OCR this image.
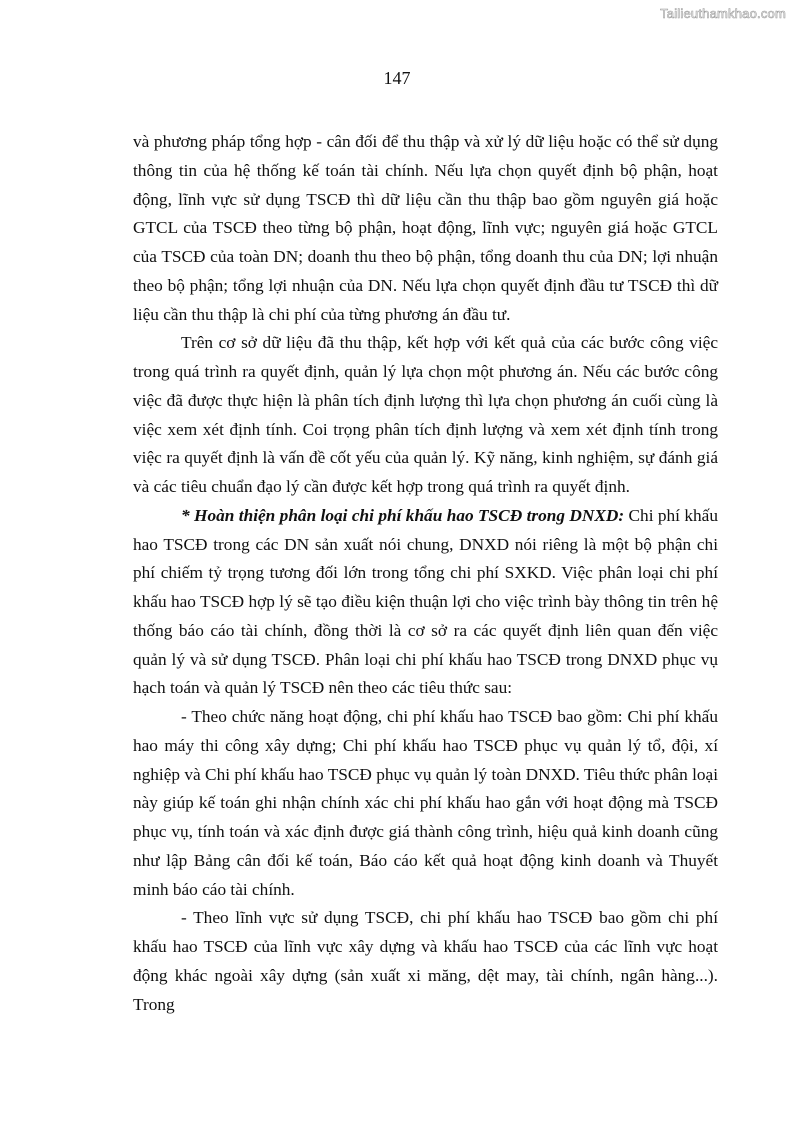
Tailieuthamkhao.com
147

và phương pháp tổng hợp - cân đối để thu thập và xử lý dữ liệu hoặc có thể sử dụng thông tin của hệ thống kế toán tài chính. Nếu lựa chọn quyết định bộ phận, hoạt động, lĩnh vực sử dụng TSCĐ thì dữ liệu cần thu thập bao gồm nguyên giá hoặc GTCL của TSCĐ theo từng bộ phận, hoạt động, lĩnh vực; nguyên giá hoặc GTCL của TSCĐ của toàn DN; doanh thu theo bộ phận, tổng doanh thu của DN; lợi nhuận theo bộ phận; tổng lợi nhuận của DN. Nếu lựa chọn quyết định đầu tư TSCĐ thì dữ liệu cần thu thập là chi phí của từng phương án đầu tư.

Trên cơ sở dữ liệu đã thu thập, kết hợp với kết quả của các bước công việc trong quá trình ra quyết định, quản lý lựa chọn một phương án. Nếu các bước công việc đã được thực hiện là phân tích định lượng thì lựa chọn phương án cuối cùng là việc xem xét định tính. Coi trọng phân tích định lượng và xem xét định tính trong việc ra quyết định là vấn đề cốt yếu của quản lý. Kỹ năng, kinh nghiệm, sự đánh giá và các tiêu chuẩn đạo lý cần được kết hợp trong quá trình ra quyết định.

* Hoàn thiện phân loại chi phí khấu hao TSCĐ trong DNXD: Chi phí khấu hao TSCĐ trong các DN sản xuất nói chung, DNXD nói riêng là một bộ phận chi phí chiếm tỷ trọng tương đối lớn trong tổng chi phí SXKD. Việc phân loại chi phí khấu hao TSCĐ hợp lý sẽ tạo điều kiện thuận lợi cho việc trình bày thông tin trên hệ thống báo cáo tài chính, đồng thời là cơ sở ra các quyết định liên quan đến việc quản lý và sử dụng TSCĐ. Phân loại chi phí khấu hao TSCĐ trong DNXD phục vụ hạch toán và quản lý TSCĐ nên theo các tiêu thức sau:

- Theo chức năng hoạt động, chi phí khấu hao TSCĐ bao gồm: Chi phí khấu hao máy thi công xây dựng; Chi phí khấu hao TSCĐ phục vụ quản lý tổ, đội, xí nghiệp và Chi phí khấu hao TSCĐ phục vụ quản lý toàn DNXD. Tiêu thức phân loại này giúp kế toán ghi nhận chính xác chi phí khấu hao gắn với hoạt động mà TSCĐ phục vụ, tính toán và xác định được giá thành công trình, hiệu quả kinh doanh cũng như lập Bảng cân đối kế toán, Báo cáo kết quả hoạt động kinh doanh và Thuyết minh báo cáo tài chính.

- Theo lĩnh vực sử dụng TSCĐ, chi phí khấu hao TSCĐ bao gồm chi phí khấu hao TSCĐ của lĩnh vực xây dựng và khấu hao TSCĐ của các lĩnh vực hoạt động khác ngoài xây dựng (sản xuất xi măng, dệt may, tài chính, ngân hàng...). Trong
